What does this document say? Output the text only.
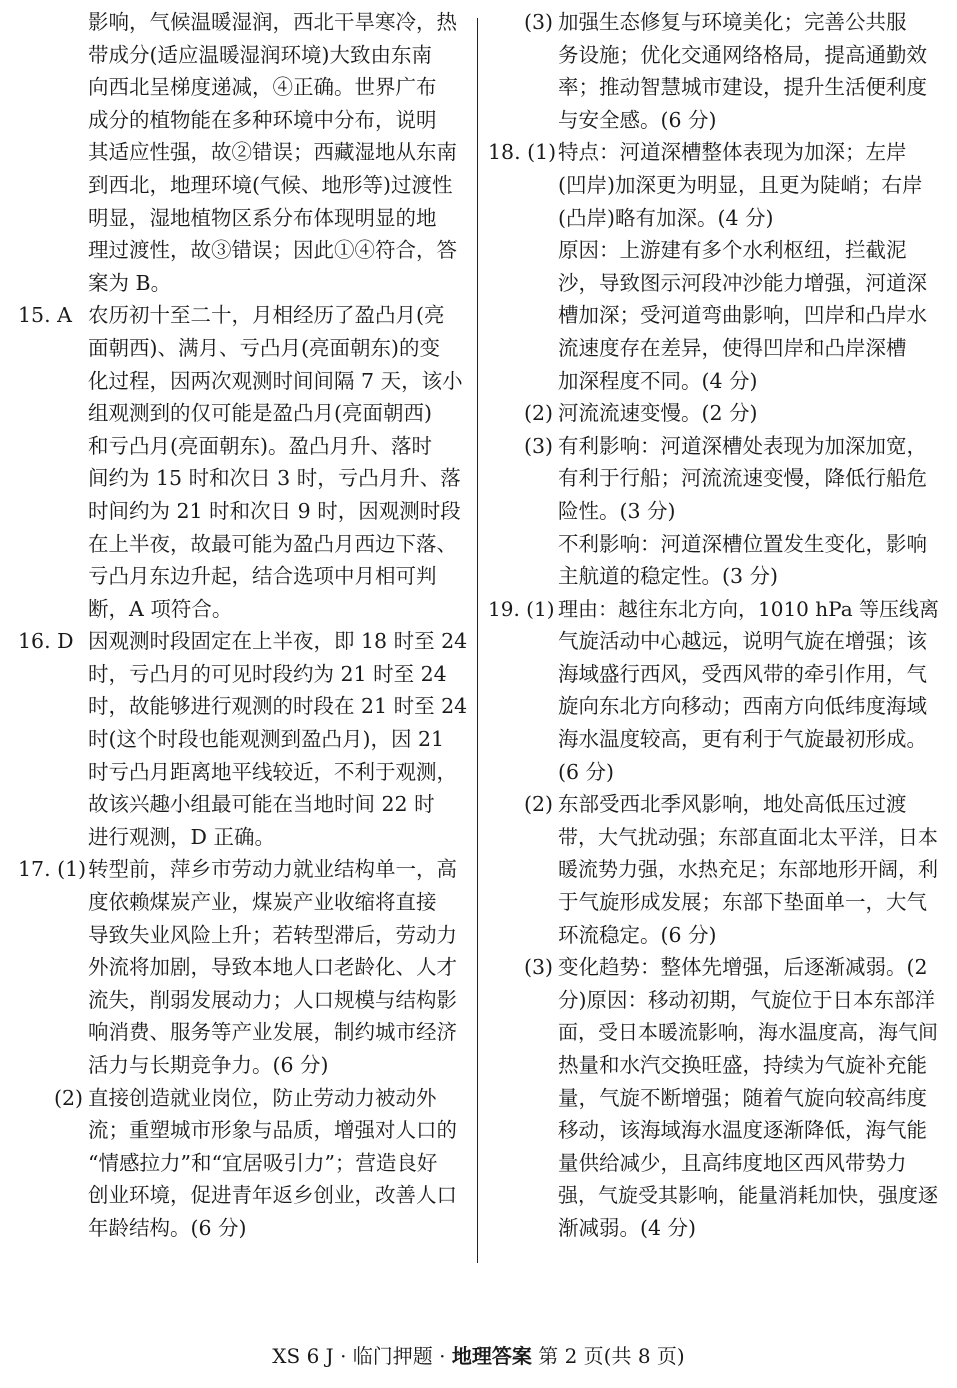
影响，气候温暖湿润，西北干旱寒冷，热
带成分(适应温暖湿润环境)大致由东南
向西北呈梯度递减，④正确。世界广布
成分的植物能在多种环境中分布，说明
其适应性强，故②错误；西藏湿地从东南
到西北，地理环境(气候、地形等)过渡性
明显，湿地植物区系分布体现明显的地
理过渡性，故③错误；因此①④符合，答
案为 B。
15. A 农历初十至二十，月相经历了盈凸月(亮
面朝西)、满月、亏凸月(亮面朝东)的变
化过程，因两次观测时间间隔 7 天，该小
组观测到的仅可能是盈凸月(亮面朝西)
和亏凸月(亮面朝东)。盈凸月升、落时
间约为 15 时和次日 3 时，亏凸月升、落
时间约为 21 时和次日 9 时，因观测时段
在上半夜，故最可能为盈凸月西边下落、
亏凸月东边升起，结合选项中月相可判
断，A 项符合。
16. D 因观测时段固定在上半夜，即 18 时至 24
时，亏凸月的可见时段约为 21 时至 24
时，故能够进行观测的时段在 21 时至 24
时(这个时段也能观测到盈凸月)，因 21
时亏凸月距离地平线较近，不利于观测，
故该兴趣小组最可能在当地时间 22 时
进行观测，D 正确。
17. (1)转型前，萍乡市劳动力就业结构单一，高
度依赖煤炭产业，煤炭产业收缩将直接
导致失业风险上升；若转型滞后，劳动力
外流将加剧，导致本地人口老龄化、人才
流失，削弱发展动力；人口规模与结构影
响消费、服务等产业发展，制约城市经济
活力与长期竞争力。(6 分)
(2) 直接创造就业岗位，防止劳动力被动外
流；重塑城市形象与品质，增强对人口的
“情感拉力”和“宜居吸引力”；营造良好
创业环境，促进青年返乡创业，改善人口
年龄结构。(6 分)
(3) 加强生态修复与环境美化；完善公共服
务设施；优化交通网络格局，提高通勤效
率；推动智慧城市建设，提升生活便利度
与安全感。(6 分)
18. (1)特点：河道深槽整体表现为加深；左岸
(凹岸)加深更为明显，且更为陡峭；右岸
(凸岸)略有加深。(4 分)
原因：上游建有多个水利枢纽，拦截泥
沙，导致图示河段冲沙能力增强，河道深
槽加深；受河道弯曲影响，凹岸和凸岸水
流速度存在差异，使得凹岸和凸岸深槽
加深程度不同。(4 分)
(2) 河流流速变慢。(2 分)
(3) 有利影响：河道深槽处表现为加深加宽，
有利于行船；河流流速变慢，降低行船危
险性。(3 分)
不利影响：河道深槽位置发生变化，影响
主航道的稳定性。(3 分)
19. (1) 理由：越往东北方向，1010 hPa 等压线离
气旋活动中心越远，说明气旋在增强；该
海域盛行西风，受西风带的牵引作用，气
旋向东北方向移动；西南方向低纬度海域
海水温度较高，更有利于气旋最初形成。
(6 分)
(2) 东部受西北季风影响，地处高低压过渡
带，大气扰动强；东部直面北太平洋，日本
暖流势力强，水热充足；东部地形开阔，利
于气旋形成发展；东部下垫面单一，大气
环流稳定。(6 分)
(3) 变化趋势：整体先增强，后逐渐减弱。(2
分)原因：移动初期，气旋位于日本东部洋
面，受日本暖流影响，海水温度高，海气间
热量和水汽交换旺盛，持续为气旋补充能
量，气旋不断增强；随着气旋向较高纬度
移动，该海域海水温度逐渐降低，海气能
量供给减少，且高纬度地区西风带势力
强，气旋受其影响，能量消耗加快，强度逐
渐减弱。(4 分)
XS 6 J · 临门押题 · 地理答案 第 2 页(共 8 页)
